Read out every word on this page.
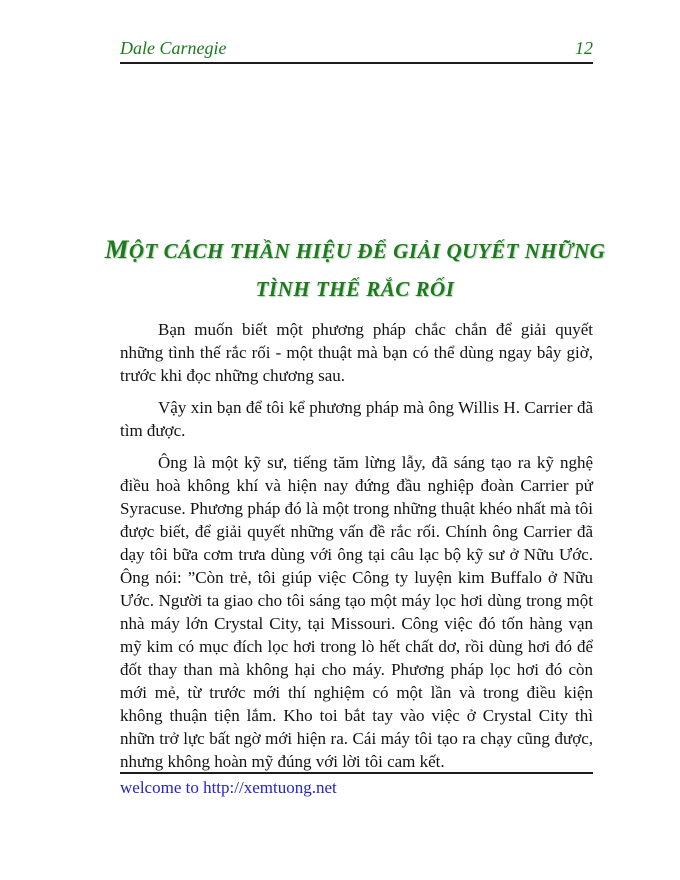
Dale Carnegie	12
MỘT CÁCH THẦN HIỆU ĐỂ GIẢI QUYẾT NHỮNG
TÌNH THẾ RẮC RỐI

Bạn muốn biết một phương pháp chắc chắn để giải quyết những tình thế rắc rối - một thuật mà bạn có thể dùng ngay bây giờ, trước khi đọc những chương sau.

Vậy xin bạn để tôi kể phương pháp mà ông Willis H. Carrier đã tìm được.

Ông là một kỹ sư, tiếng tăm lừng lẫy, đã sáng tạo ra kỹ nghệ điều hoà không khí và hiện nay đứng đầu nghiệp đoàn Carrier pử Syracuse. Phương pháp đó là một trong những thuật khéo nhất mà tôi được biết, để giải quyết những vấn đề rắc rối. Chính ông Carrier đã dạy tôi bữa cơm trưa dùng với ông tại câu lạc bộ kỹ sư ở Nữu Ước. Ông nói: ”Còn trẻ, tôi giúp việc Công ty luyện kim Buffalo ở Nữu Ước. Người ta giao cho tôi sáng tạo một máy lọc hơi dùng trong một nhà máy lớn Crystal City, tại Missouri. Công việc đó tốn hàng vạn mỹ kim có mục đích lọc hơi trong lò hết chất dơ, rồi dùng hơi đó để đốt thay than mà không hại cho máy. Phương pháp lọc hơi đó còn mới mẻ, từ trước mới thí nghiệm có một lần và trong điều kiện không thuận tiện lắm. Kho toi bắt tay vào việc ở Crystal City thì nhữn trở lực bất ngờ mới hiện ra. Cái máy tôi tạo ra chạy cũng được, nhưng không hoàn mỹ đúng với lời tôi cam kết.

welcome to http://xemtuong.net
